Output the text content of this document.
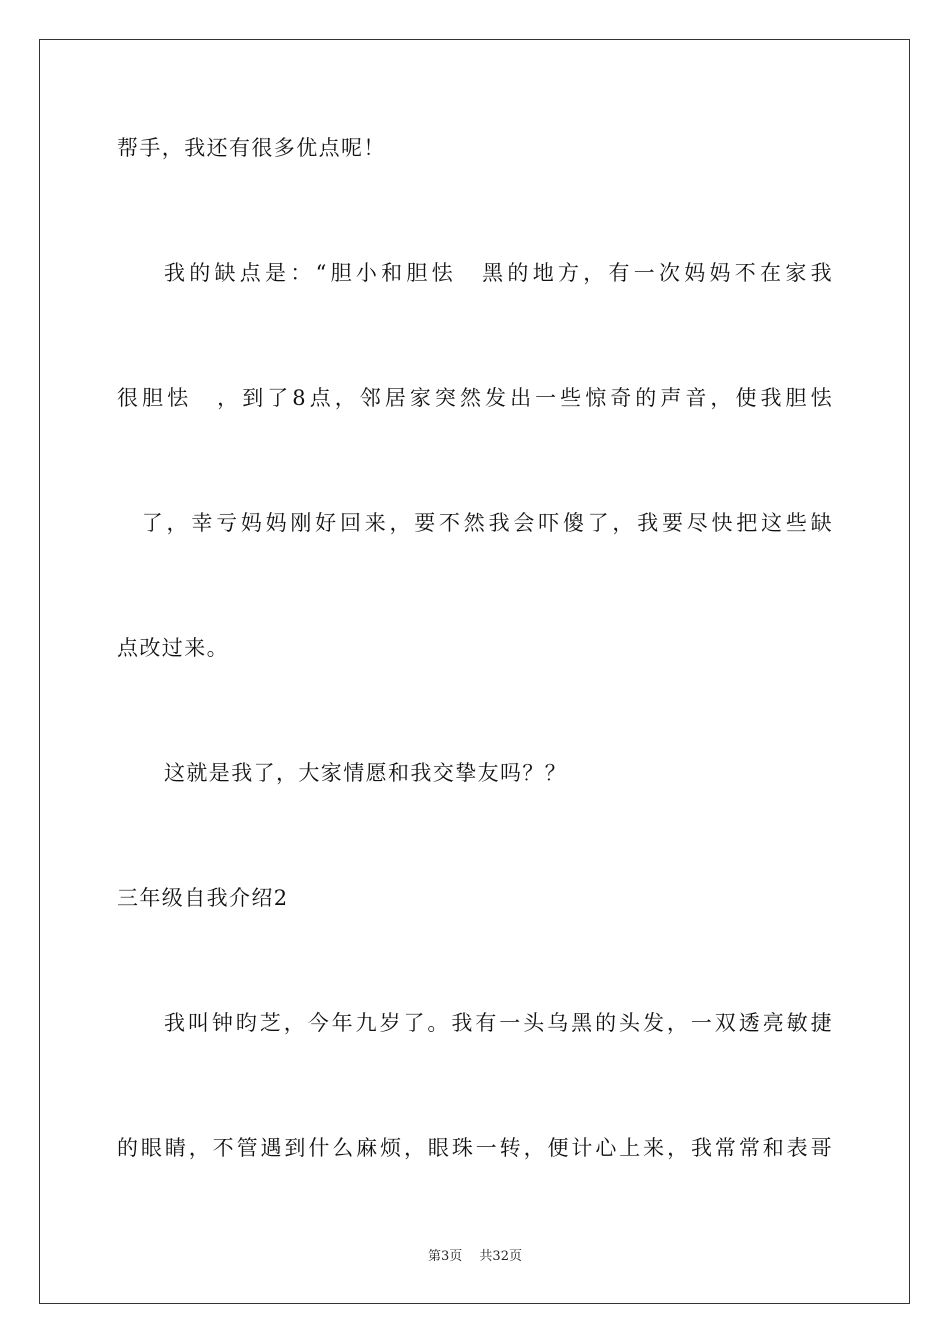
帮手，我还有很多优点呢！
我的缺点是：“胆小和胆怯　黑的地方，有一次妈妈不在家我
很胆怯　，到了8点，邻居家突然发出一些惊奇的声音，使我胆怯
　了，幸亏妈妈刚好回来，要不然我会吓傻了，我要尽快把这些缺
点改过来。
这就是我了，大家情愿和我交挚友吗？？
三年级自我介绍2
我叫钟昀芝，今年九岁了。我有一头乌黑的头发，一双透亮敏捷
的眼睛，不管遇到什么麻烦，眼珠一转，便计心上来，我常常和表哥
第3页　 共32页
